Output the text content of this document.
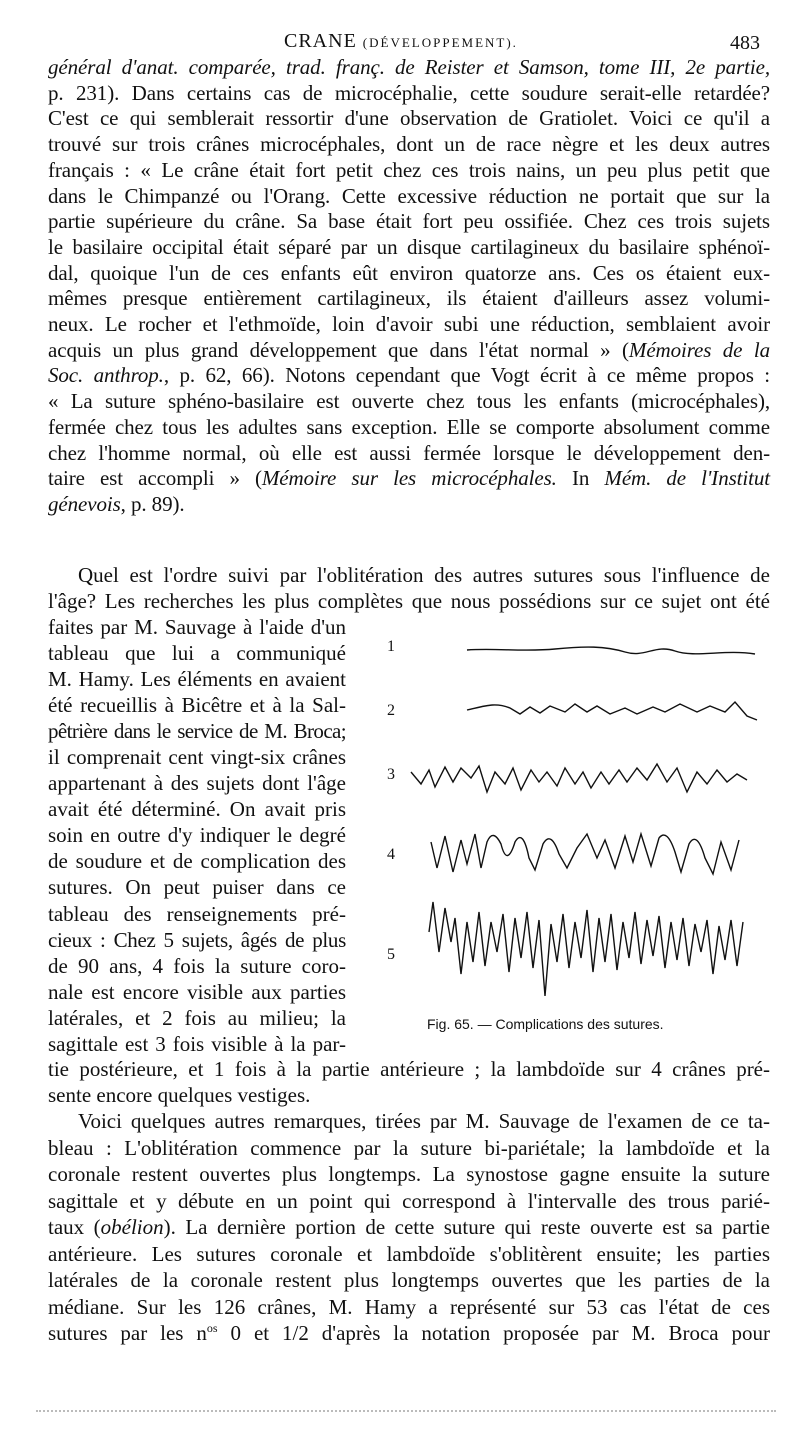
CRANE (DÉVELOPPEMENT).	483

général d'anat. comparée, trad. franç. de Reister et Samson, tome III, 2e partie,

p. 231). Dans certains cas de microcéphalie, cette soudure serait-elle retardée?

C'est ce qui semblerait ressortir d'une observation de Gratiolet. Voici ce qu'il a

trouvé sur trois crânes microcéphales, dont un de race nègre et les deux autres

français : « Le crâne était fort petit chez ces trois nains, un peu plus petit que

dans le Chimpanzé ou l'Orang. Cette excessive réduction ne portait que sur la

partie supérieure du crâne. Sa base était fort peu ossifiée. Chez ces trois sujets

le basilaire occipital était séparé par un disque cartilagineux du basilaire sphénoï-

dal, quoique l'un de ces enfants eût environ quatorze ans. Ces os étaient eux-

mêmes presque entièrement cartilagineux, ils étaient d'ailleurs assez volumi-

neux. Le rocher et l'ethmoïde, loin d'avoir subi une réduction, semblaient avoir

acquis un plus grand développement que dans l'état normal » (Mémoires de la

Soc. anthrop., p. 62, 66). Notons cependant que Vogt écrit à ce même propos :

« La suture sphéno-basilaire est ouverte chez tous les enfants (microcéphales),

fermée chez tous les adultes sans exception. Elle se comporte absolument comme

chez l'homme normal, où elle est aussi fermée lorsque le développement den-

taire est accompli » (Mémoire sur les microcéphales. In Mém. de l'Institut

génevois, p. 89).

Quel est l'ordre suivi par l'oblitération des autres sutures sous l'influence de

l'âge? Les recherches les plus complètes que nous possédions sur ce sujet ont été

faites par M. Sauvage à l'aide d'un
tableau que lui a communiqué
M. Hamy. Les éléments en avaient
été recueillis à Bicêtre et à la Sal-
pêtrière dans le service de M. Broca;
il comprenait cent vingt-six crânes
appartenant à des sujets dont l'âge
avait été déterminé. On avait pris
soin en outre d'y indiquer le degré
de soudure et de complication des
sutures. On peut puiser dans ce
tableau des renseignements pré-
cieux : Chez 5 sujets, âgés de plus
de 90 ans, 4 fois la suture coro-
nale est encore visible aux parties
latérales, et 2 fois au milieu; la
sagittale est 3 fois visible à la par-
1
2
3
4
5
Fig. 65. — Complications des sutures.

tie postérieure, et 1 fois à la partie antérieure ; la lambdoïde sur 4 crânes pré-

sente encore quelques vestiges.

Voici quelques autres remarques, tirées par M. Sauvage de l'examen de ce ta-

bleau : L'oblitération commence par la suture bi-pariétale; la lambdoïde et la

coronale restent ouvertes plus longtemps. La synostose gagne ensuite la suture

sagittale et y débute en un point qui correspond à l'intervalle des trous parié-

taux (obélion). La dernière portion de cette suture qui reste ouverte est sa partie

antérieure. Les sutures coronale et lambdoïde s'oblitèrent ensuite; les parties

latérales de la coronale restent plus longtemps ouvertes que les parties de la

médiane. Sur les 126 crânes, M. Hamy a représenté sur 53 cas l'état de ces

sutures par les $n^{os}$ 0 et 1/2 d'après la notation proposée par M. Broca pour
